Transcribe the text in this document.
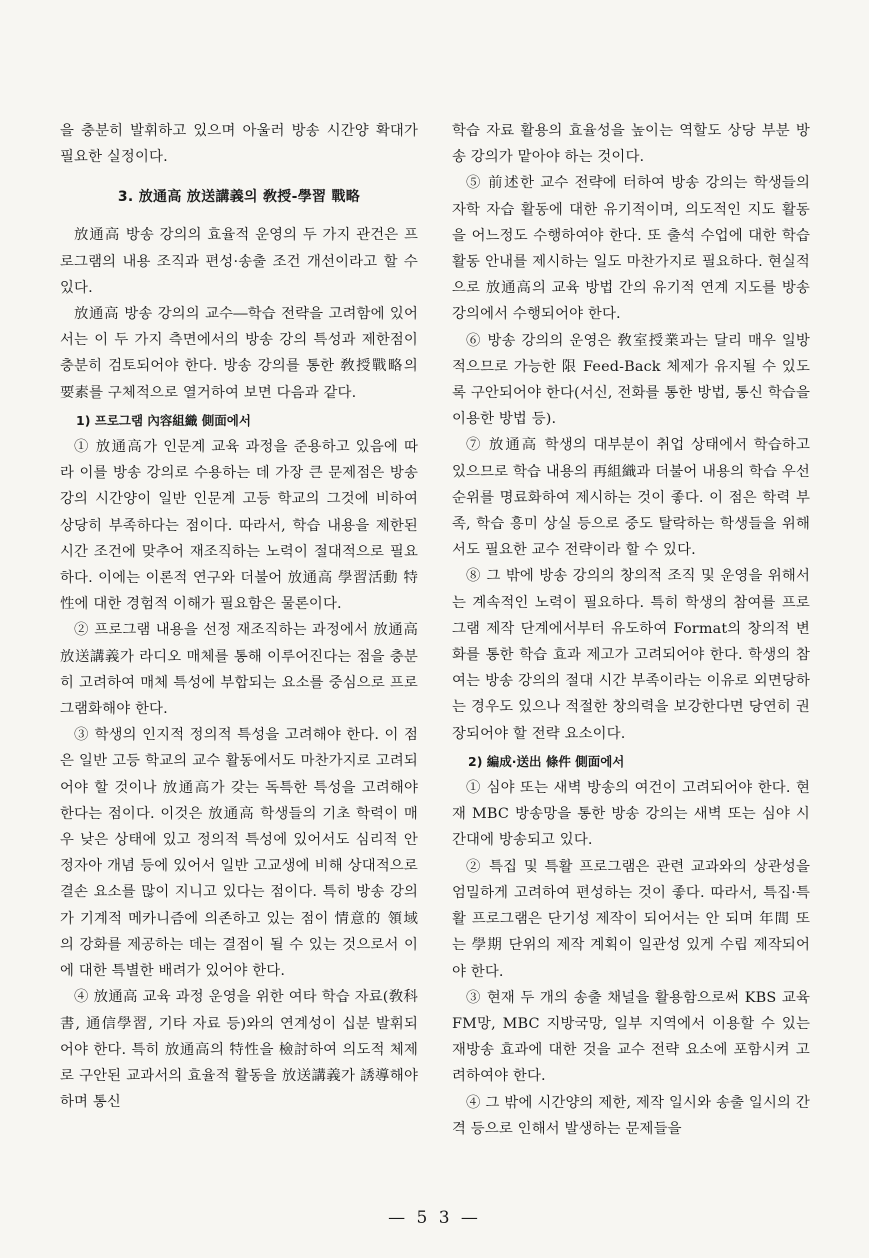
을 충분히 발휘하고 있으며 아울러 방송 시간양 확대가 필요한 실정이다.

3. 放通高 放送講義의 敎授-學習 戰略

放通高 방송 강의의 효율적 운영의 두 가지 관건은 프로그램의 내용 조직과 편성·송출 조건 개선이라고 할 수 있다.

放通高 방송 강의의 교수―학습 전략을 고려함에 있어서는 이 두 가지 측면에서의 방송 강의 특성과 제한점이 충분히 검토되어야 한다. 방송 강의를 통한 敎授戰略의 要素를 구체적으로 열거하여 보면 다음과 같다.

1) 프로그램 內容組織 側面에서

① 放通高가 인문계 교육 과정을 준용하고 있음에 따라 이를 방송 강의로 수용하는 데 가장 큰 문제점은 방송 강의 시간양이 일반 인문계 고등 학교의 그것에 비하여 상당히 부족하다는 점이다. 따라서, 학습 내용을 제한된 시간 조건에 맞추어 재조직하는 노력이 절대적으로 필요하다. 이에는 이론적 연구와 더불어 放通高 學習活動 特性에 대한 경험적 이해가 필요함은 물론이다.

② 프로그램 내용을 선정 재조직하는 과정에서 放通高 放送講義가 라디오 매체를 통해 이루어진다는 점을 충분히 고려하여 매체 특성에 부합되는 요소를 중심으로 프로그램화해야 한다.

③ 학생의 인지적 정의적 특성을 고려해야 한다. 이 점은 일반 고등 학교의 교수 활동에서도 마찬가지로 고려되어야 할 것이나 放通高가 갖는 독특한 특성을 고려해야 한다는 점이다. 이것은 放通高 학생들의 기초 학력이 매우 낮은 상태에 있고 정의적 특성에 있어서도 심리적 안정자아 개념 등에 있어서 일반 고교생에 비해 상대적으로 결손 요소를 많이 지니고 있다는 점이다. 특히 방송 강의가 기계적 메카니즘에 의존하고 있는 점이 情意的 領域의 강화를 제공하는 데는 결점이 될 수 있는 것으로서 이에 대한 특별한 배려가 있어야 한다.

④ 放通高 교육 과정 운영을 위한 여타 학습 자료(敎科書, 通信學習, 기타 자료 등)와의 연계성이 십분 발휘되어야 한다. 특히 放通高의 特性을 檢討하여 의도적 체제로 구안된 교과서의 효율적 활동을 放送講義가 誘導해야 하며 통신

학습 자료 활용의 효율성을 높이는 역할도 상당 부분 방송 강의가 맡아야 하는 것이다.

⑤ 前述한 교수 전략에 터하여 방송 강의는 학생들의 자학 자습 활동에 대한 유기적이며, 의도적인 지도 활동을 어느정도 수행하여야 한다. 또 출석 수업에 대한 학습 활동 안내를 제시하는 일도 마찬가지로 필요하다. 현실적으로 放通高의 교육 방법 간의 유기적 연계 지도를 방송 강의에서 수행되어야 한다.

⑥ 방송 강의의 운영은 敎室授業과는 달리 매우 일방적으므로 가능한 限 Feed-Back 체제가 유지될 수 있도록 구안되어야 한다(서신, 전화를 통한 방법, 통신 학습을 이용한 방법 등).

⑦ 放通高 학생의 대부분이 취업 상태에서 학습하고 있으므로 학습 내용의 再組織과 더불어 내용의 학습 우선 순위를 명료화하여 제시하는 것이 좋다. 이 점은 학력 부족, 학습 흥미 상실 등으로 중도 탈락하는 학생들을 위해서도 필요한 교수 전략이라 할 수 있다.

⑧ 그 밖에 방송 강의의 창의적 조직 및 운영을 위해서는 계속적인 노력이 필요하다. 특히 학생의 참여를 프로그램 제작 단계에서부터 유도하여 Format의 창의적 변화를 통한 학습 효과 제고가 고려되어야 한다. 학생의 참여는 방송 강의의 절대 시간 부족이라는 이유로 외면당하는 경우도 있으나 적절한 창의력을 보강한다면 당연히 권장되어야 할 전략 요소이다.

2) 編成·送出 條件 側面에서

① 심야 또는 새벽 방송의 여건이 고려되어야 한다. 현재 MBC 방송망을 통한 방송 강의는 새벽 또는 심야 시간대에 방송되고 있다.

② 특집 및 특활 프로그램은 관련 교과와의 상관성을 엄밀하게 고려하여 편성하는 것이 좋다. 따라서, 특집·특활 프로그램은 단기성 제작이 되어서는 안 되며 年間 또는 學期 단위의 제작 계획이 일관성 있게 수립 제작되어야 한다.

③ 현재 두 개의 송출 채널을 활용함으로써 KBS 교육 FM망, MBC 지방국망, 일부 지역에서 이용할 수 있는 재방송 효과에 대한 것을 교수 전략 요소에 포함시켜 고려하여야 한다.

④ 그 밖에 시간양의 제한, 제작 일시와 송출 일시의 간격 등으로 인해서 발생하는 문제들을

— 5 3 —
